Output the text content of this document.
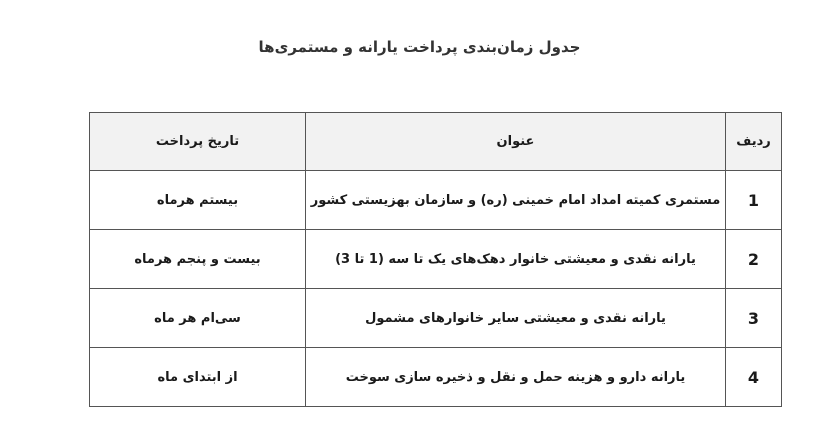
جدول زمان‌بندی پرداخت یارانه و مستمری‌ها
ردیف	عنوان	تاریخ پرداخت
1	مستمری کمیته امداد امام خمینی (ره) و سازمان بهزیستی کشور	بیستم هرماه
2	یارانه نقدی و معیشتی خانوار دهک‌های یک تا سه (1 تا 3)	بیست و پنجم هرماه
3	یارانه نقدی و معیشتی سایر خانوارهای مشمول	سی‌ام هر ماه
4	یارانه دارو و هزینه حمل و نقل و ذخیره سازی سوخت	از ابتدای ماه
